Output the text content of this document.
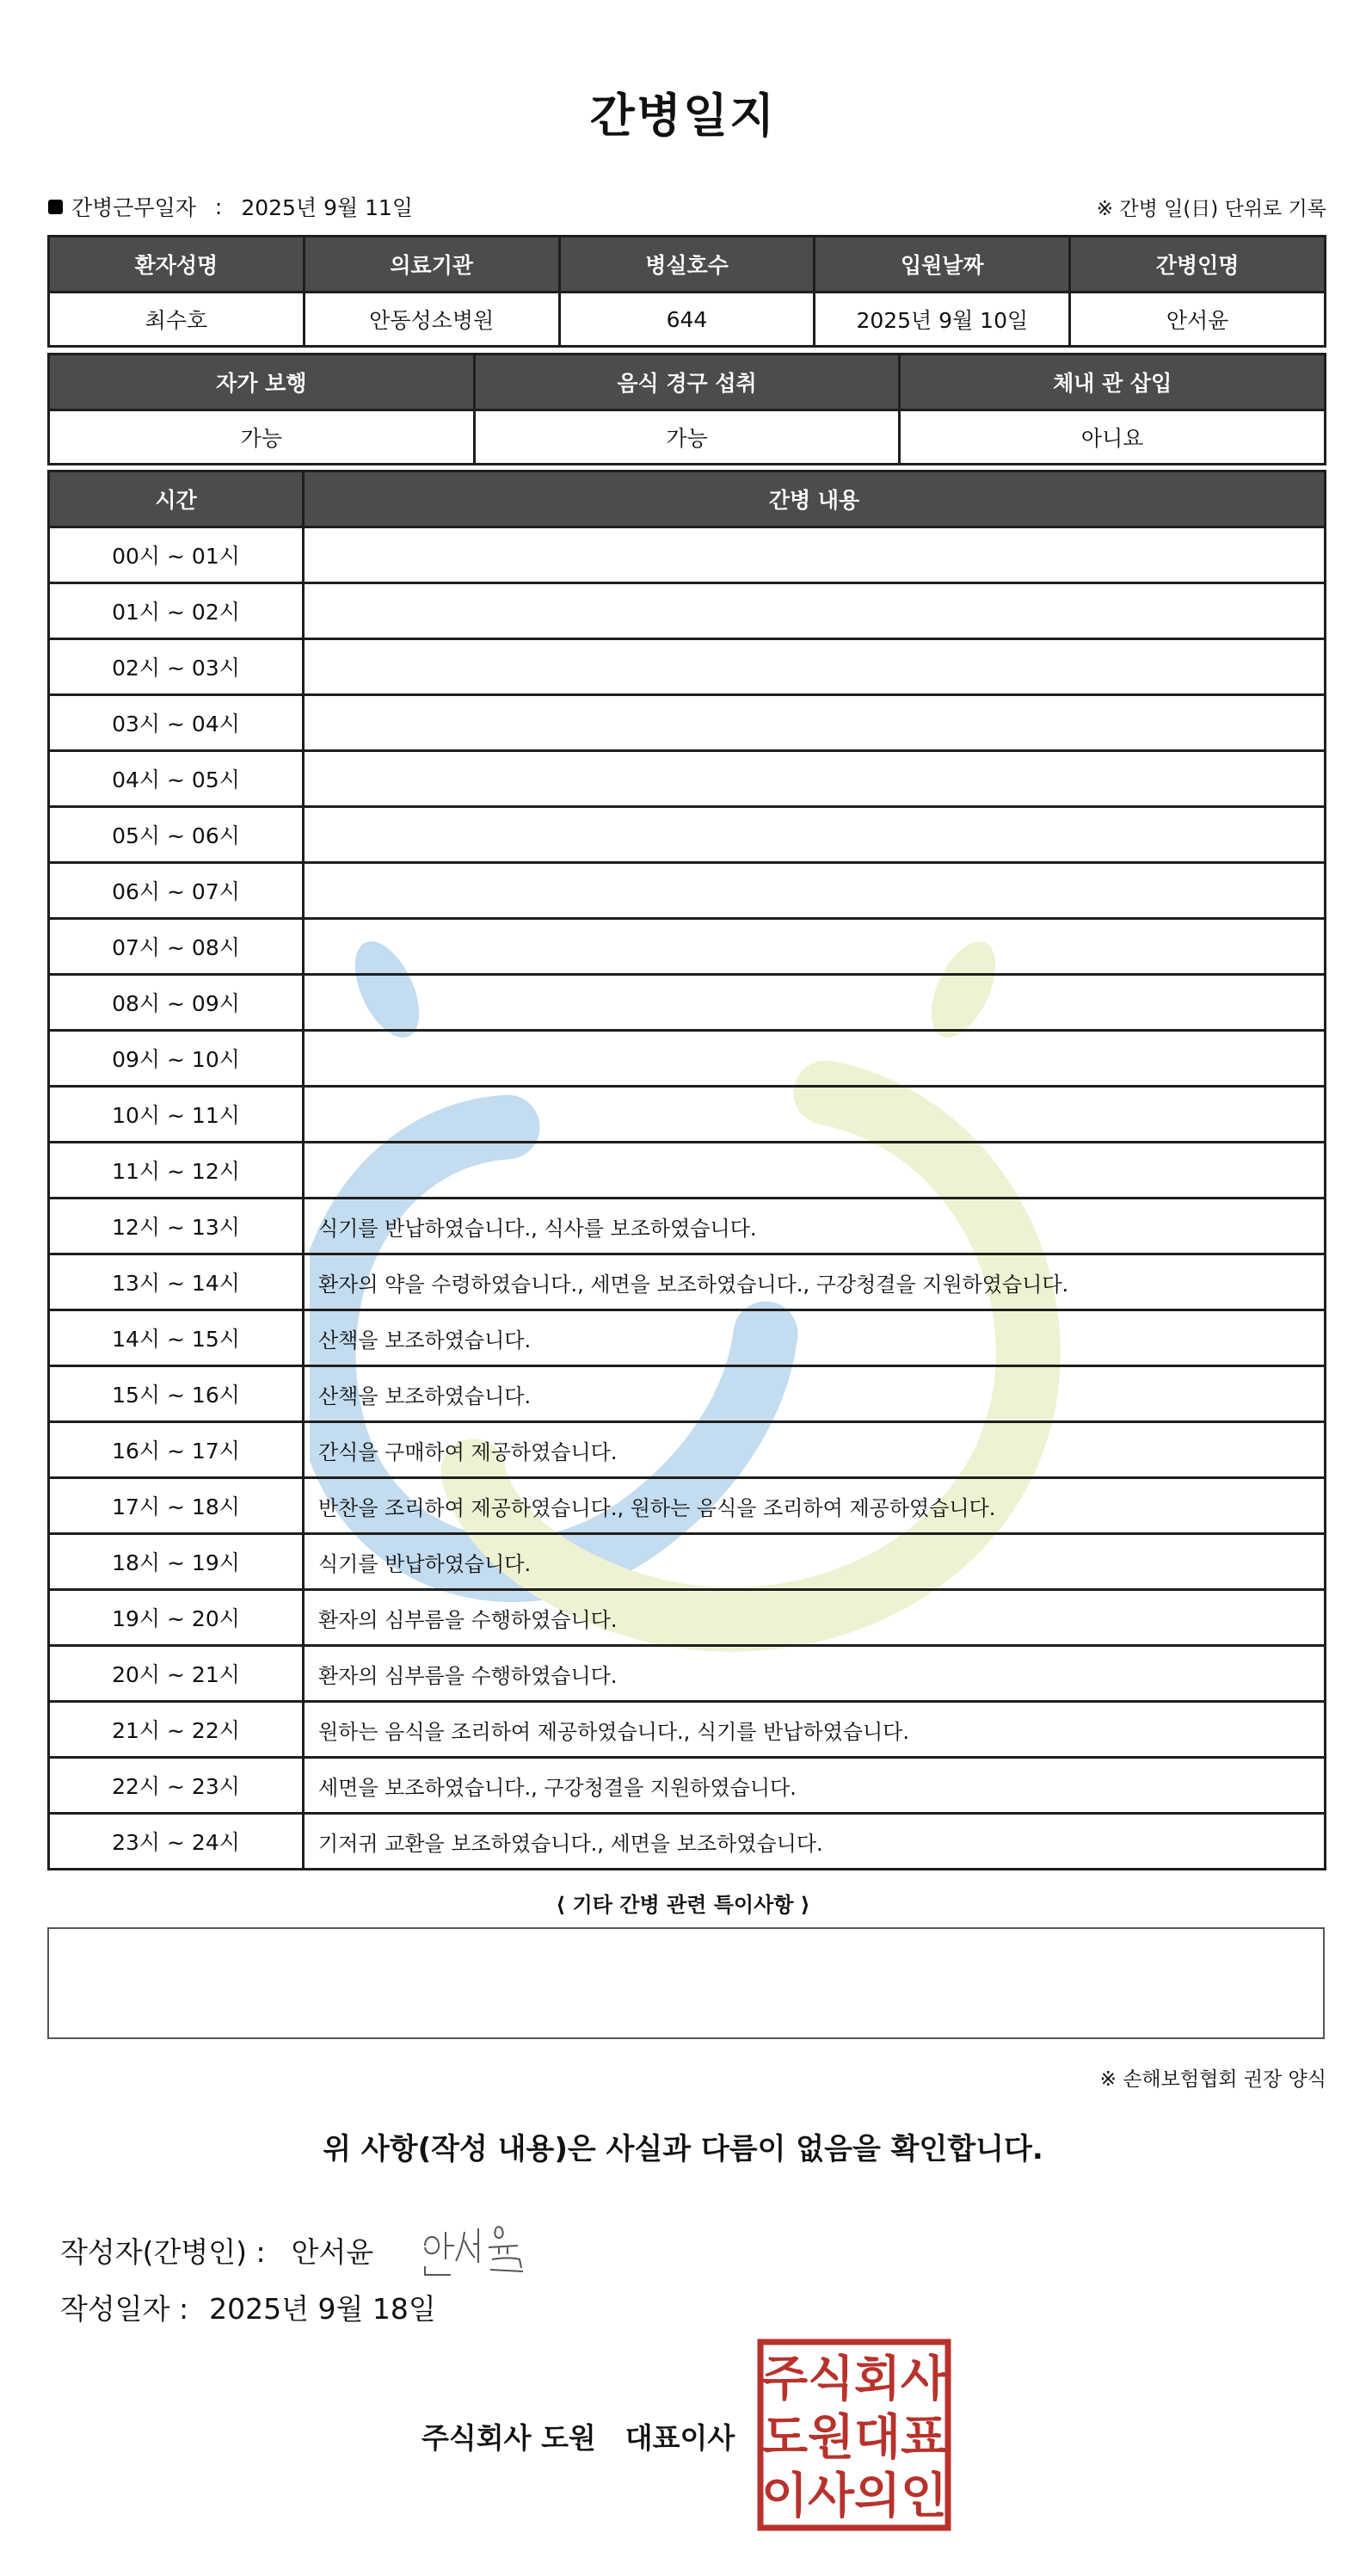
간병일지
간병근무일자 : 2025년 9월 11일	※ 간병 일(日) 단위로 기록
환자성명	의료기관	병실호수	입원날짜	간병인명
최수호	안동성소병원	644	2025년 9월 10일	안서윤
자가 보행	음식 경구 섭취	체내 관 삽입
가능	가능	아니요
시간	간병 내용
00시 ~ 01시	
01시 ~ 02시	
02시 ~ 03시	
03시 ~ 04시	
04시 ~ 05시	
05시 ~ 06시	
06시 ~ 07시	
07시 ~ 08시	
08시 ~ 09시	
09시 ~ 10시	
10시 ~ 11시	
11시 ~ 12시	
12시 ~ 13시	식기를 반납하였습니다., 식사를 보조하였습니다.
13시 ~ 14시	환자의 약을 수령하였습니다., 세면을 보조하였습니다., 구강청결을 지원하였습니다.
14시 ~ 15시	산책을 보조하였습니다.
15시 ~ 16시	산책을 보조하였습니다.
16시 ~ 17시	간식을 구매하여 제공하였습니다.
17시 ~ 18시	반찬을 조리하여 제공하였습니다., 원하는 음식을 조리하여 제공하였습니다.
18시 ~ 19시	식기를 반납하였습니다.
19시 ~ 20시	환자의 심부름을 수행하였습니다.
20시 ~ 21시	환자의 심부름을 수행하였습니다.
21시 ~ 22시	원하는 음식을 조리하여 제공하였습니다., 식기를 반납하였습니다.
22시 ~ 23시	세면을 보조하였습니다., 구강청결을 지원하였습니다.
23시 ~ 24시	기저귀 교환을 보조하였습니다., 세면을 보조하였습니다.
⟨ 기타 간병 관련 특이사항 ⟩
※ 손해보험협회 권장 양식
위 사항(작성 내용)은 사실과 다름이 없음을 확인합니다.
작성자(간병인) : 안서윤
작성일자 : 2025년 9월 18일
주식회사 도원 대표이사
주 식 회 사
도 원 대 표
이 사 의 인
